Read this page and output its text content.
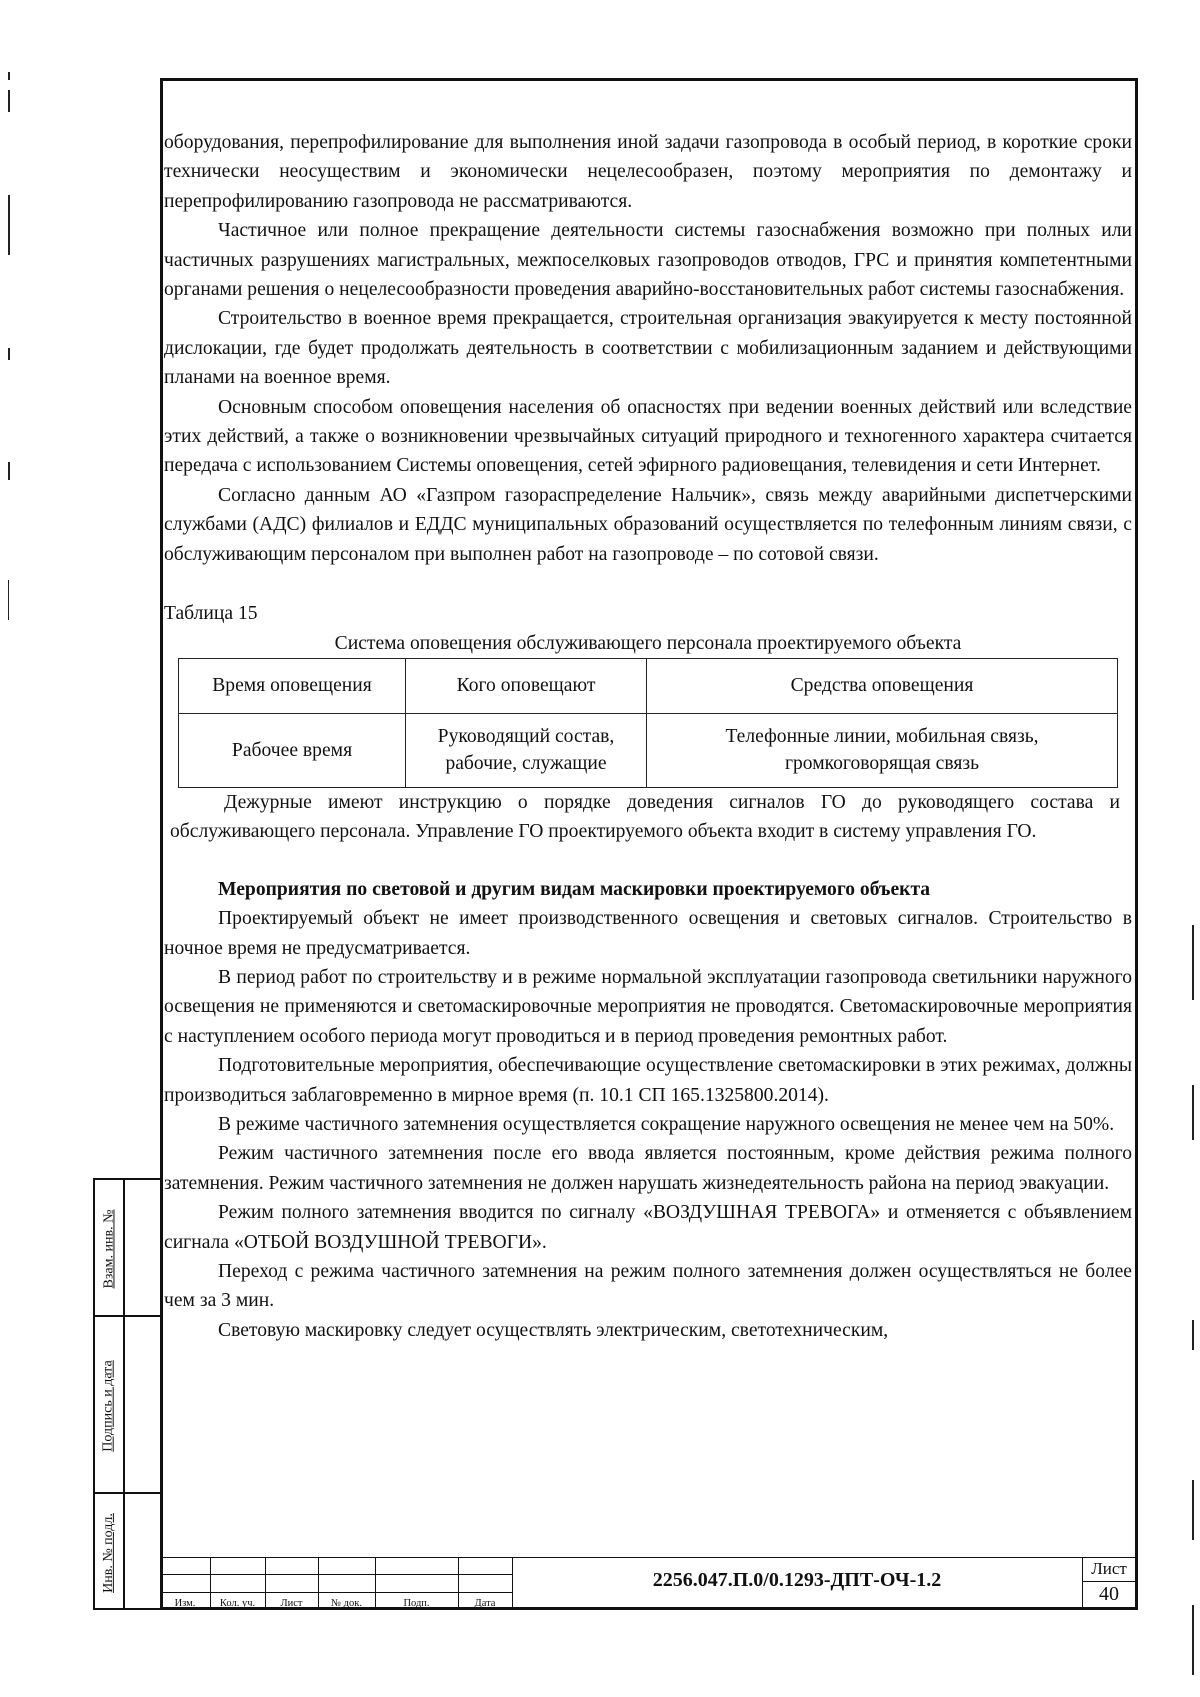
оборудования, перепрофилирование для выполнения иной задачи газопровода в особый период, в короткие сроки технически неосуществим и экономически нецелесообразен, поэтому мероприятия по демонтажу и перепрофилированию газопровода не рассматриваются.

Частичное или полное прекращение деятельности системы газоснабжения возможно при полных или частичных разрушениях магистральных, межпоселковых газопроводов отводов, ГРС и принятия компетентными органами решения о нецелесообразности проведения аварийно-восстановительных работ системы газоснабжения.

Строительство в военное время прекращается, строительная организация эвакуируется к месту постоянной дислокации, где будет продолжать деятельность в соответствии с мобилизационным заданием и действующими планами на военное время.

Основным способом оповещения населения об опасностях при ведении военных действий или вследствие этих действий, а также о возникновении чрезвычайных ситуаций природного и техногенного характера считается передача с использованием Системы оповещения, сетей эфирного радиовещания, телевидения и сети Интернет.

Согласно данным АО «Газпром газораспределение Нальчик», связь между аварийными диспетчерскими службами (АДС) филиалов и ЕДДС муниципальных образований осуществляется по телефонным линиям связи, с обслуживающим персоналом при выполнен работ на газопроводе – по сотовой связи.

Таблица 15

Система оповещения обслуживающего персонала проектируемого объекта

Время оповещения	Кого оповещают	Средства оповещения
Рабочее время	Руководящий состав, рабочие, служащие	Телефонные линии, мобильная связь, громкоговорящая связь

Дежурные имеют инструкцию о порядке доведения сигналов ГО до руководящего состава и обслуживающего персонала. Управление ГО проектируемого объекта входит в систему управления ГО.

Мероприятия по световой и другим видам маскировки проектируемого объекта

Проектируемый объект не имеет производственного освещения и световых сигналов. Строительство в ночное время не предусматривается.

В период работ по строительству и в режиме нормальной эксплуатации газопровода светильники наружного освещения не применяются и светомаскировочные мероприятия не проводятся. Светомаскировочные мероприятия с наступлением особого периода могут проводиться и в период проведения ремонтных работ.

Подготовительные мероприятия, обеспечивающие осуществление светомаскировки в этих режимах, должны производиться заблаговременно в мирное время (п. 10.1 СП 165.1325800.2014).

В режиме частичного затемнения осуществляется сокращение наружного освещения не менее чем на 50%.

Режим частичного затемнения после его ввода является постоянным, кроме действия режима полного затемнения. Режим частичного затемнения не должен нарушать жизнедеятельность района на период эвакуации.

Режим полного затемнения вводится по сигналу «ВОЗДУШНАЯ ТРЕВОГА» и отменяется с объявлением сигнала «ОТБОЙ ВОЗДУШНОЙ ТРЕВОГИ».

Переход с режима частичного затемнения на режим полного затемнения должен осуществляться не более чем за 3 мин.

Световую маскировку следует осуществлять электрическим, светотехническим,

Взам. инв. №
Подпись и дата
Инв. № подл.
Изм.	Кол. уч.	Лист	№ док.	Подп.	Дата
2256.047.П.0/0.1293-ДПТ-ОЧ-1.2
Лист
40
